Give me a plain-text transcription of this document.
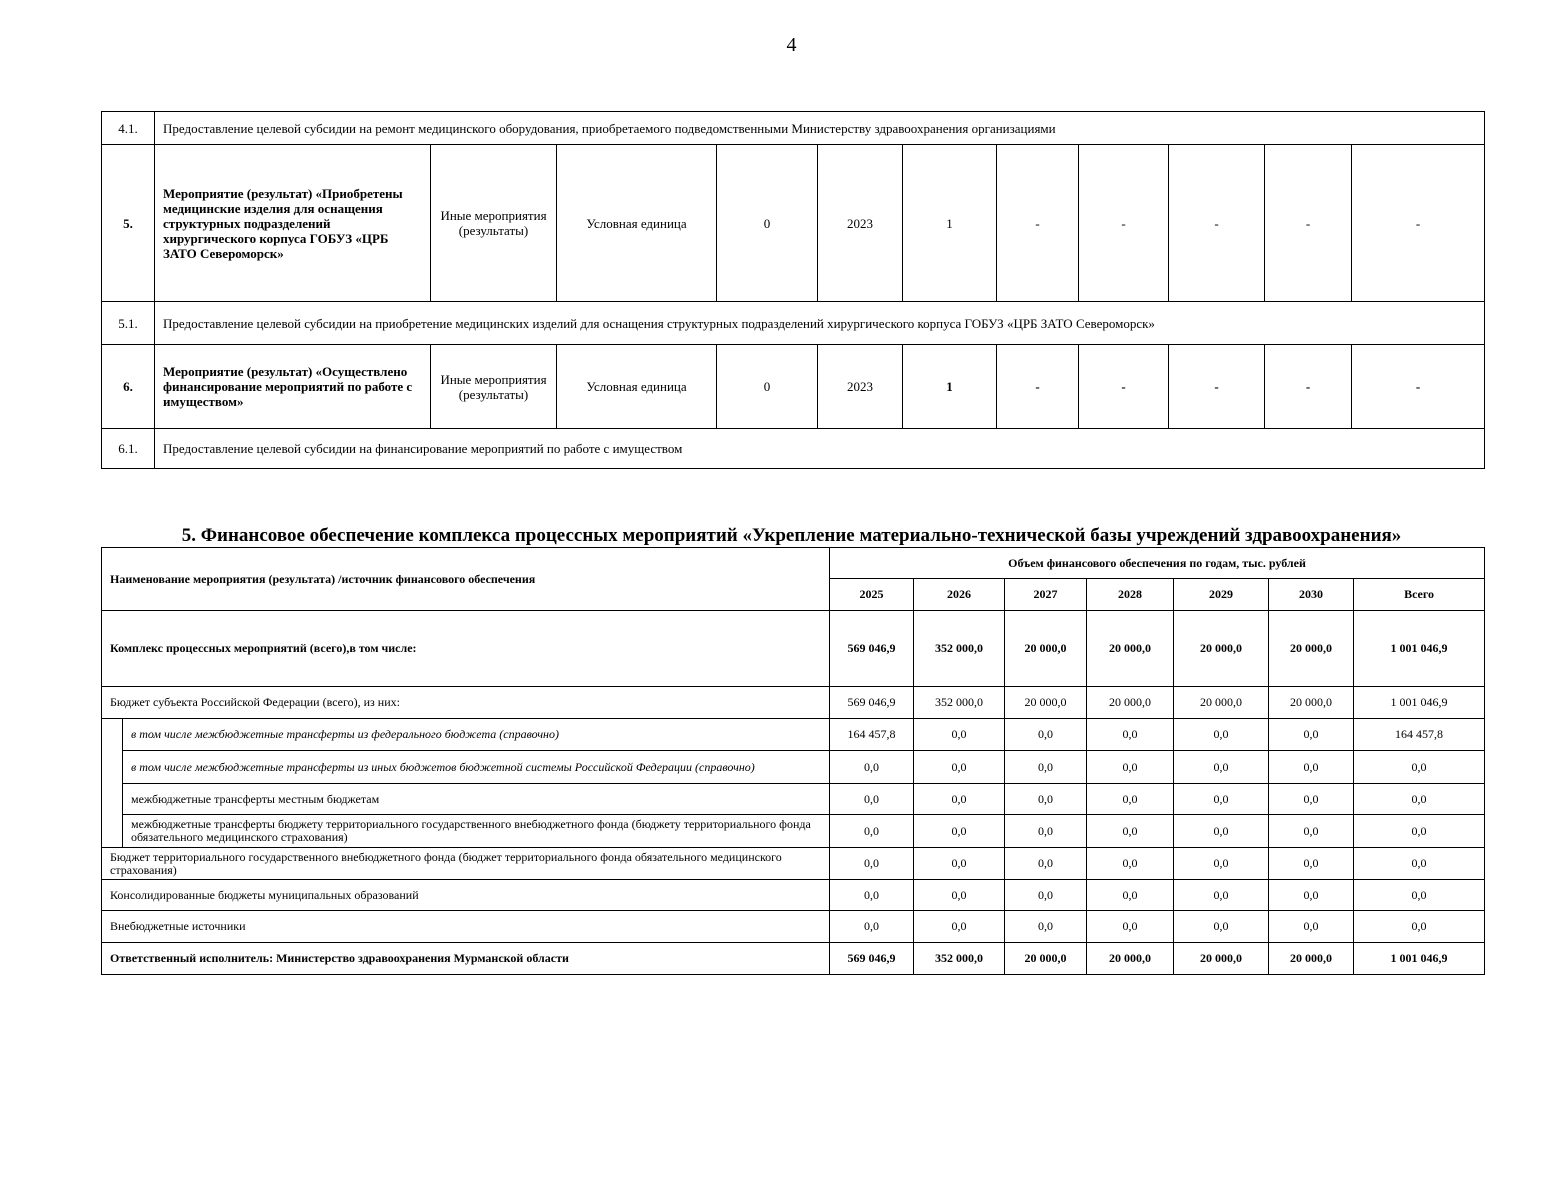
4
4.1.	Предоставление целевой субсидии на ремонт медицинского оборудования, приобретаемого подведомственными Министерству здравоохранения организациями										
5.	Мероприятие (результат) «Приобретены медицинские изделия для оснащения структурных подразделений хирургического корпуса ГОБУЗ «ЦРБ ЗАТО Североморск»	Иные мероприятия (результаты)	Условная единица	0	2023	1	-	-	-	-	-
5.1.	Предоставление целевой субсидии на приобретение медицинских изделий для оснащения структурных подразделений хирургического корпуса ГОБУЗ «ЦРБ ЗАТО Североморск»										
6.	Мероприятие (результат) «Осуществлено финансирование мероприятий по работе с имуществом»	Иные мероприятия (результаты)	Условная единица	0	2023	1	-	-	-	-	-
6.1.	Предоставление целевой субсидии на финансирование мероприятий по работе с имуществом										
5. Финансовое обеспечение комплекса процессных мероприятий «Укрепление материально-технической базы учреждений здравоохранения»
Наименование мероприятия (результата) /источник финансового обеспечения		Объем финансового обеспечения по годам, тыс. рублей						
		2025	2026	2027	2028	2029	2030	Всего
Комплекс процессных мероприятий (всего),в том числе:		569 046,9	352 000,0	20 000,0	20 000,0	20 000,0	20 000,0	1 001 046,9
Бюджет субъекта Российской Федерации (всего), из них:		569 046,9	352 000,0	20 000,0	20 000,0	20 000,0	20 000,0	1 001 046,9
	в том числе межбюджетные трансферты из федерального бюджета (справочно)	164 457,8	0,0	0,0	0,0	0,0	0,0	164 457,8
	в том числе межбюджетные трансферты из иных бюджетов бюджетной системы Российской Федерации (справочно)	0,0	0,0	0,0	0,0	0,0	0,0	0,0
	межбюджетные трансферты местным бюджетам	0,0	0,0	0,0	0,0	0,0	0,0	0,0
	межбюджетные трансферты бюджету территориального государственного внебюджетного фонда (бюджету территориального фонда обязательного медицинского страхования)	0,0	0,0	0,0	0,0	0,0	0,0	0,0
Бюджет территориального государственного внебюджетного фонда (бюджет территориального фонда обязательного медицинского страхования)		0,0	0,0	0,0	0,0	0,0	0,0	0,0
Консолидированные бюджеты муниципальных образований		0,0	0,0	0,0	0,0	0,0	0,0	0,0
Внебюджетные источники		0,0	0,0	0,0	0,0	0,0	0,0	0,0
Ответственный исполнитель: Министерство здравоохранения Мурманской области		569 046,9	352 000,0	20 000,0	20 000,0	20 000,0	20 000,0	1 001 046,9
